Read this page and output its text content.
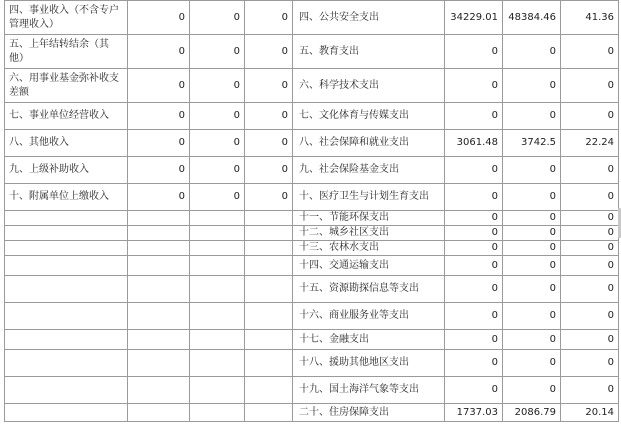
四、事业收入（不含专户管理收入）	0	0	0	四、公共安全支出	34229.01	48384.46	41.36
五、上年结转结余（其他）	0	0	0	五、教育支出	0	0	0
六、用事业基金弥补收支差额	0	0	0	六、科学技术支出	0	0	0
七、事业单位经营收入	0	0	0	七、文化体育与传媒支出	0	0	0
八、其他收入	0	0	0	八、社会保障和就业支出	3061.48	3742.5	22.24
九、上级补助收入	0	0	0	九、社会保险基金支出	0	0	0
十、附属单位上缴收入	0	0	0	十、医疗卫生与计划生育支出	0	0	0
				十一、节能环保支出	0	0	0
				十二、城乡社区支出	0	0	0
				十三、农林水支出	0	0	0
				十四、交通运输支出	0	0	0
				十五、资源勘探信息等支出	0	0	0
				十六、商业服务业等支出	0	0	0
				十七、金融支出	0	0	0
				十八、援助其他地区支出	0	0	0
				十九、国土海洋气象等支出	0	0	0
				二十、住房保障支出	1737.03	2086.79	20.14
